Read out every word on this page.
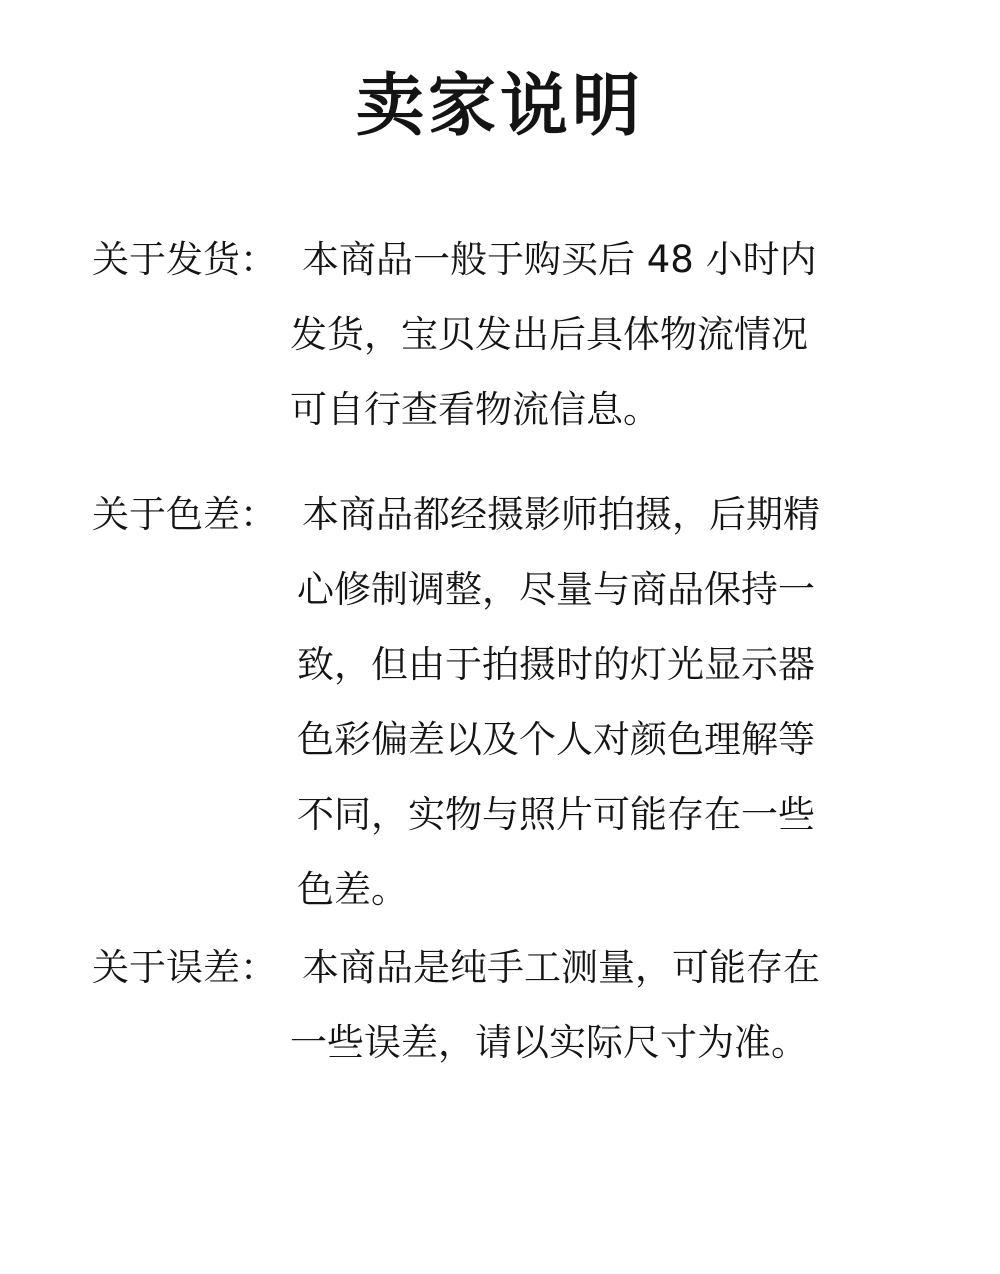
卖家说明
关于发货： 本商品一般于购买后 48 小时内
发货，宝贝发出后具体物流情况
可自行查看物流信息。
关于色差： 本商品都经摄影师拍摄，后期精
心修制调整，尽量与商品保持一
致，但由于拍摄时的灯光显示器
色彩偏差以及个人对颜色理解等
不同，实物与照片可能存在一些
色差。
关于误差： 本商品是纯手工测量，可能存在
一些误差，请以实际尺寸为准。
